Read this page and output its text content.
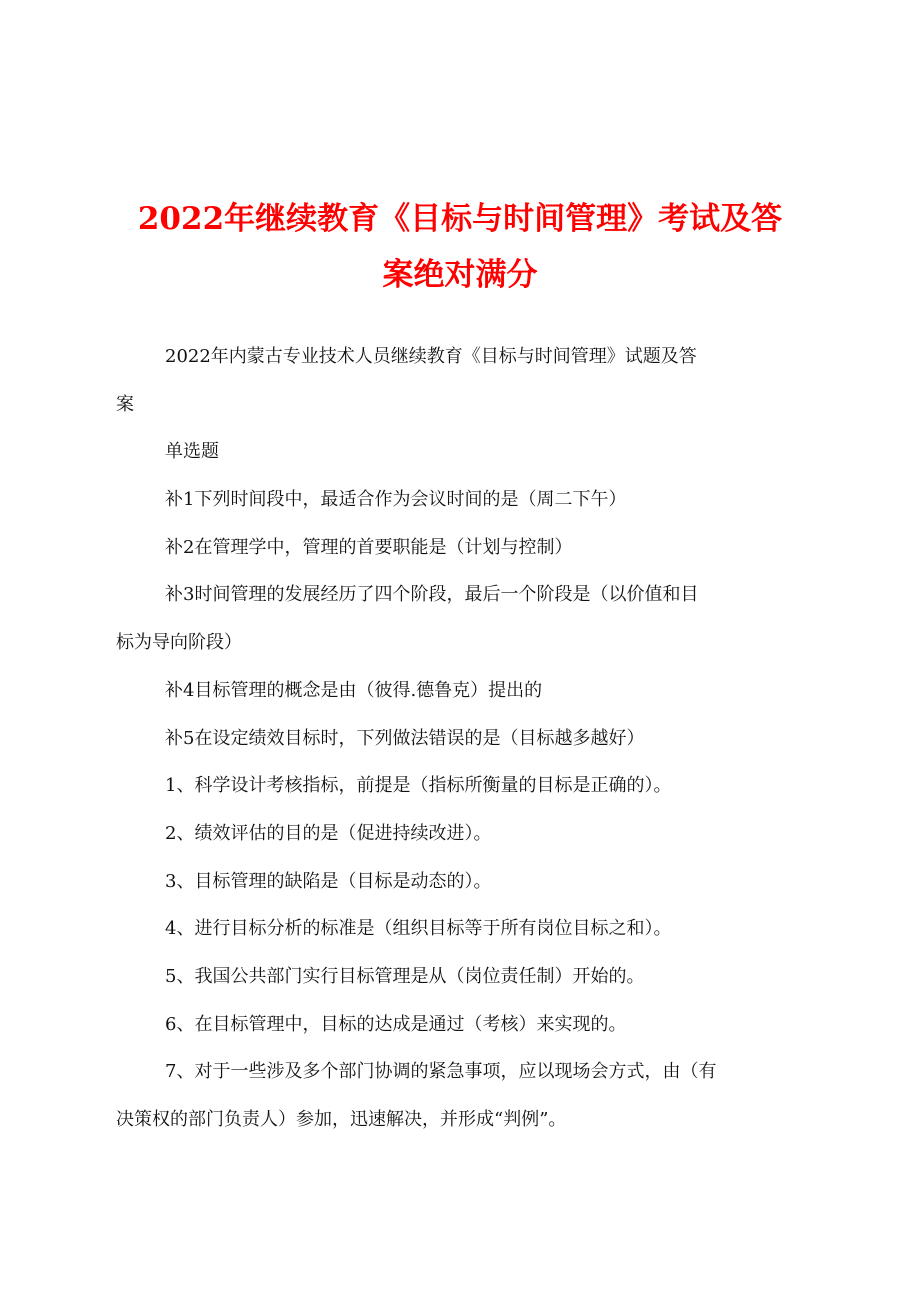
2022年继续教育《目标与时间管理》考试及答
案绝对满分

2022年内蒙古专业技术人员继续教育《目标与时间管理》试题及答

案

单选题

补1下列时间段中，最适合作为会议时间的是（周二下午）

补2在管理学中，管理的首要职能是（计划与控制）

补3时间管理的发展经历了四个阶段，最后一个阶段是（以价值和目

标为导向阶段）

补4目标管理的概念是由（彼得.德鲁克）提出的

补5在设定绩效目标时，下列做法错误的是（目标越多越好）

1、科学设计考核指标，前提是（指标所衡量的目标是正确的）。

2、绩效评估的目的是（促进持续改进）。

3、目标管理的缺陷是（目标是动态的）。

4、进行目标分析的标准是（组织目标等于所有岗位目标之和）。

5、我国公共部门实行目标管理是从（岗位责任制）开始的。

6、在目标管理中，目标的达成是通过（考核）来实现的。

7、对于一些涉及多个部门协调的紧急事项，应以现场会方式，由（有

决策权的部门负责人）参加，迅速解决，并形成“判例”。
